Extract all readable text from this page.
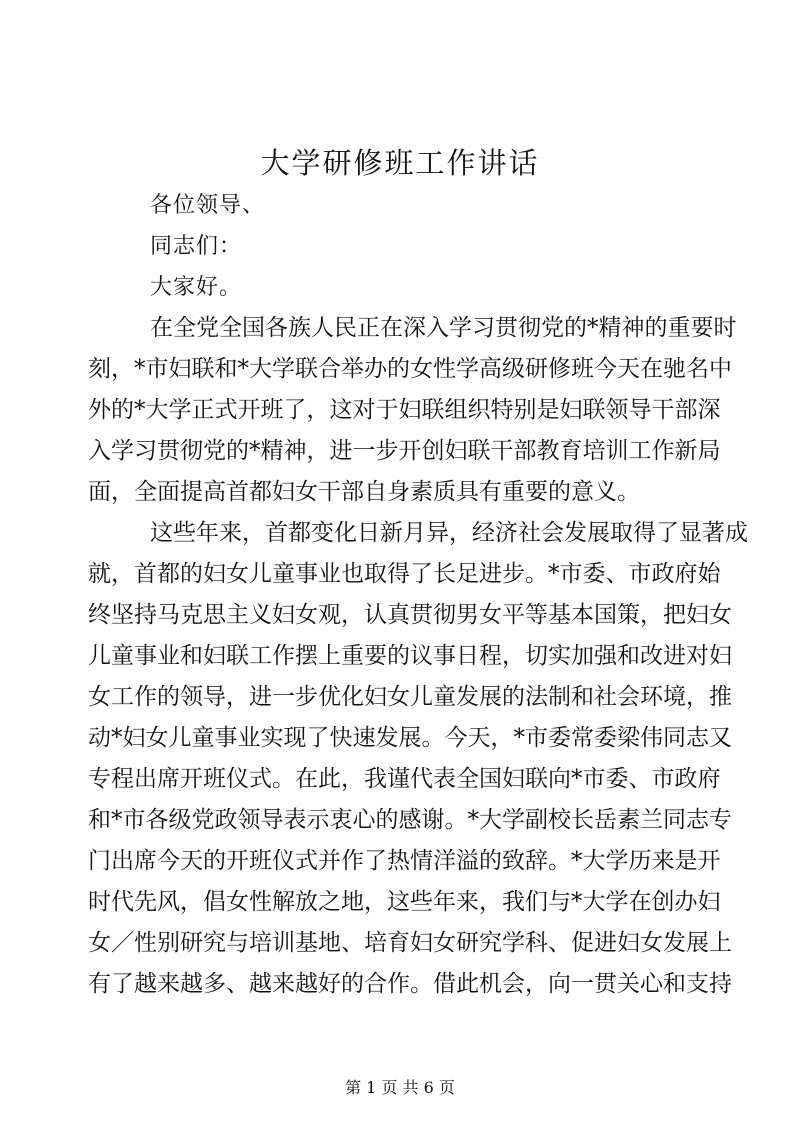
大学研修班工作讲话
各位领导、
同志们：
大家好。
在全党全国各族人民正在深入学习贯彻党的*精神的重要时
刻，*市妇联和*大学联合举办的女性学高级研修班今天在驰名中
外的*大学正式开班了，这对于妇联组织特别是妇联领导干部深
入学习贯彻党的*精神，进一步开创妇联干部教育培训工作新局
面，全面提高首都妇女干部自身素质具有重要的意义。
这些年来，首都变化日新月异，经济社会发展取得了显著成
就，首都的妇女儿童事业也取得了长足进步。*市委、市政府始
终坚持马克思主义妇女观，认真贯彻男女平等基本国策，把妇女
儿童事业和妇联工作摆上重要的议事日程，切实加强和改进对妇
女工作的领导，进一步优化妇女儿童发展的法制和社会环境，推
动*妇女儿童事业实现了快速发展。今天，*市委常委梁伟同志又
专程出席开班仪式。在此，我谨代表全国妇联向*市委、市政府
和*市各级党政领导表示衷心的感谢。*大学副校长岳素兰同志专
门出席今天的开班仪式并作了热情洋溢的致辞。*大学历来是开
时代先风，倡女性解放之地，这些年来，我们与*大学在创办妇
女／性别研究与培训基地、培育妇女研究学科、促进妇女发展上
有了越来越多、越来越好的合作。借此机会，向一贯关心和支持
第 1 页 共 6 页
